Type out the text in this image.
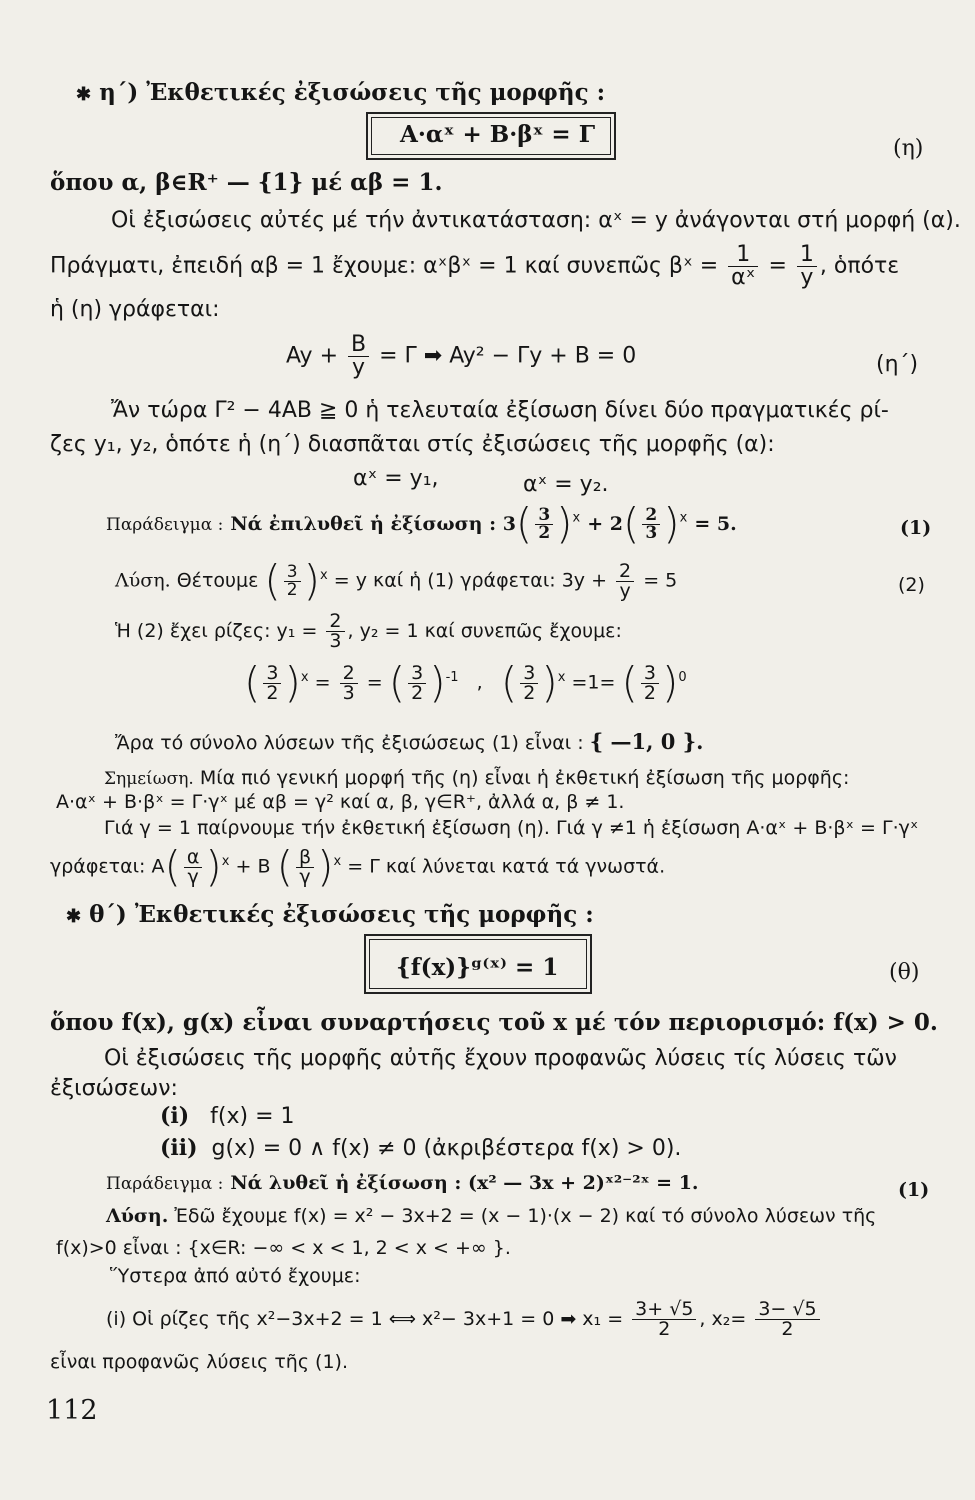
✱ η΄) Ἐκθετικές ἐξισώσεις τῆς μορφῆς :
A·αˣ + B·βˣ = Γ
(η)
ὅπου α, β∈R⁺ — {1} μέ αβ = 1.
Οἱ ἐξισώσεις αὐτές μέ τήν ἀντικατάσταση: αˣ = y ἀνάγονται στή μορφή (α).
Πράγματι, ἐπειδή αβ = 1 ἔχουμε: αˣβˣ = 1 καί συνεπῶς βˣ = $\frac{1}{\text{αˣ}} = \frac{1}{y}$ , ὁπότε
ἡ (η) γράφεται:
$Ay + \frac{B}{y} = \Gamma$ ➡ Ay² − Γy + B = 0	(η΄)
Ἄν τώρα Γ² − 4AB ≧ 0 ἡ τελευταία ἐξίσωση δίνει δύο πραγματικές ρί-
ζες y₁, y₂, ὁπότε ἡ (η΄) διασπᾶται στίς ἐξισώσεις τῆς μορφῆς (α):
αˣ = y₁,	αˣ = y₂.
Παράδειγμα : Νά ἐπιλυθεῖ ἡ ἐξίσωση : $3( \frac{3}{2} )^x + 2( \frac{2}{3} )^x = 5$.	(1)
Λύση. Θέτουμε ( $\frac{3}{2} )^x = y$ καί ἡ (1) γράφεται: $3y + \frac{2}{y} = 5$	(2)
Ἡ (2) ἔχει ρίζες: $y_1 = \frac{2}{3}$ , y₂ = 1 καί συνεπῶς ἔχουμε:
( $\frac{3}{2} )^x = \frac{2}{3}$ = ( $\frac{3}{2} )^{-1}$ , ( $\frac{3}{2} )^x =1=$ ( $\frac{3}{2} )^0$
Ἄρα τό σύνολο λύσεων τῆς ἐξισώσεως (1) εἶναι : { —1, 0 }.
Σημείωση. Μία πιό γενική μορφή τῆς (η) εἶναι ἡ ἐκθετική ἐξίσωση τῆς μορφῆς:
A·αˣ + B·βˣ = Γ·γˣ μέ αβ = γ² καί α, β, γ∈R⁺, ἀλλά α, β ≠ 1.
Γιά γ = 1 παίρνουμε τήν ἐκθετική ἐξίσωση (η). Γιά γ ≠1 ἡ ἐξίσωση A·αˣ + B·βˣ = Γ·γˣ
γράφεται: $A( \frac{\alpha}{\gamma} )^x + B$ ( $\frac{\beta}{\gamma} )^x = \Gamma$ καί λύνεται κατά τά γνωστά.
✱ θ΄) Ἐκθετικές ἐξισώσεις τῆς μορφῆς :
{f(x)}ᵍ⁽ˣ⁾ = 1	(θ)
ὅπου f(x), g(x) εἶναι συναρτήσεις τοῦ x μέ τόν περιορισμό: f(x) > 0.
Οἱ ἐξισώσεις τῆς μορφῆς αὐτῆς ἔχουν προφανῶς λύσεις τίς λύσεις τῶν
ἐξισώσεων:
(i) f(x) = 1
(ii) g(x) = 0 ∧ f(x) ≠ 0 (ἀκριβέστερα f(x) > 0).
Παράδειγμα : Νά λυθεῖ ἡ ἐξίσωση : (x² — 3x + 2)ˣ²⁻²ˣ = 1.	(1)
Λύση. Ἐδῶ ἔχουμε f(x) = x² − 3x+2 = (x − 1)·(x − 2) καί τό σύνολο λύσεων τῆς
f(x)>0 εἶναι : {x∈R: −∞ < x < 1, 2 < x < +∞ }.
Ὕστερα ἀπό αὐτό ἔχουμε:
(i) Οἱ ρίζες τῆς x²−3x+2 = 1 ⟺ x²− 3x+1 = 0 ➡ $x_1 = \frac{3+ √5}{2}$ , $x_2= \frac{3- √5}{2}$
εἶναι προφανῶς λύσεις τῆς (1).
112
